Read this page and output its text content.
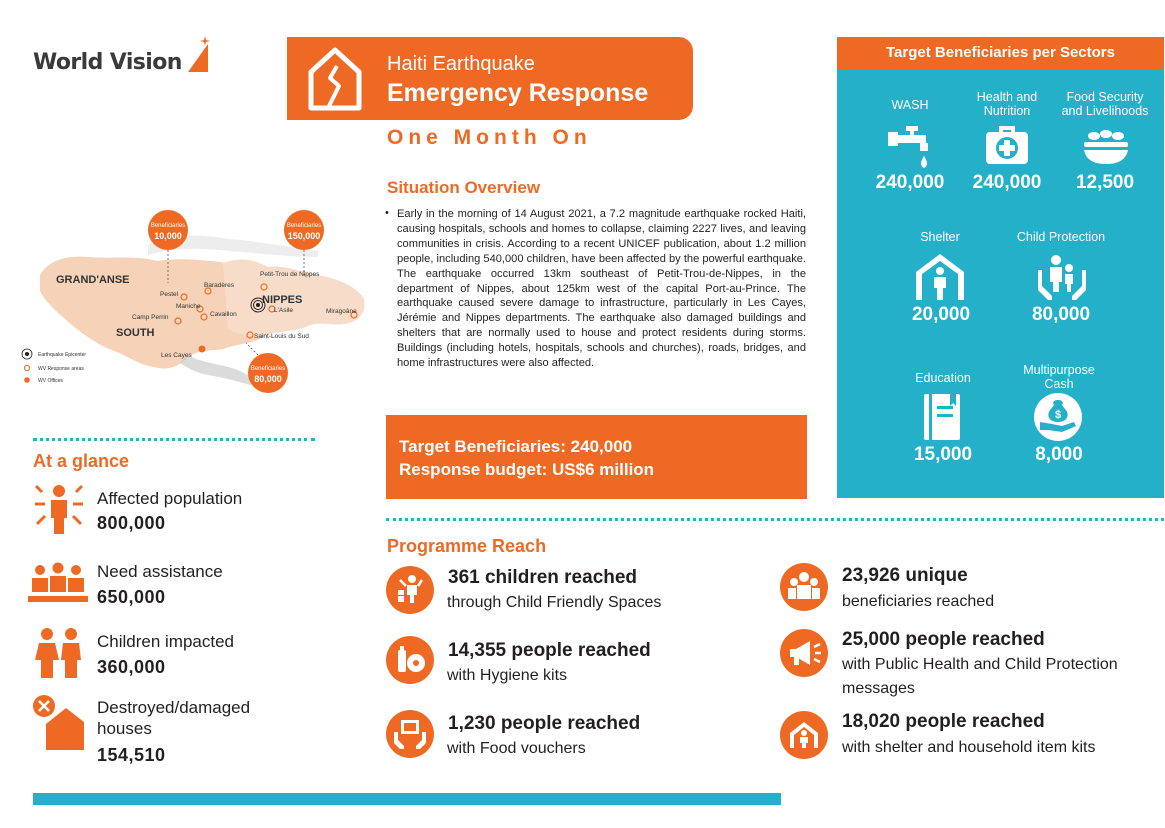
World Vision	Haiti Earthquake
Emergency Response
One Month On
Situation Overview
• Early in the morning of 14 August 2021, a 7.2 magnitude earthquake rocked Haiti, causing hospitals, schools and homes to collapse, claiming 2227 lives, and leaving communities in crisis. According to a recent UNICEF publication, about 1.2 million people, including 540,000 children, have been affected by the powerful earthquake. The earthquake occurred 13km southeast of Petit-Trou-de-Nippes, in the department of Nippes, about 125km west of the capital Port-au-Prince. The earthquake caused severe damage to infrastructure, particularly in Les Cayes, Jérémie and Nippes departments. The earthquake also damaged buildings and shelters that are normally used to house and protect residents during storms. Buildings (including hotels, hospitals, schools and churches), roads, bridges, and home infrastructures were also affected.
Target Beneficiaries: 240,000
Response budget: US$6 million
Target Beneficiaries per Sectors
WASH
240,000
Health and Nutrition
240,000
Food Security and Livelihoods
12,500
Shelter
20,000
Child Protection
80,000
Education
15,000
Multipurpose Cash
$
8,000
Beneficiaries
10,000
Beneficiaries
150,000
Beneficiaries
80,000
GRAND'ANSE
SOUTH
NIPPES
Pestel
Baradères
Petit-Trou de Nippes
Maniche
Camp Perrin	Cavaillon
L'Asile	Miragoâne
Saint-Louis du Sud
Les Cayes
Earthquake Epicenter
WV Response areas
WV Offices
At a glance
Affected population
800,000
Need assistance
650,000
Children impacted
360,000
Destroyed/damaged houses
154,510
Programme Reach
361 children reached
through Child Friendly Spaces
14,355 people reached
with Hygiene kits
1,230 people reached
with Food vouchers
23,926 unique
beneficiaries reached
25,000 people reached
with Public Health and Child Protection messages
18,020 people reached
with shelter and household item kits
